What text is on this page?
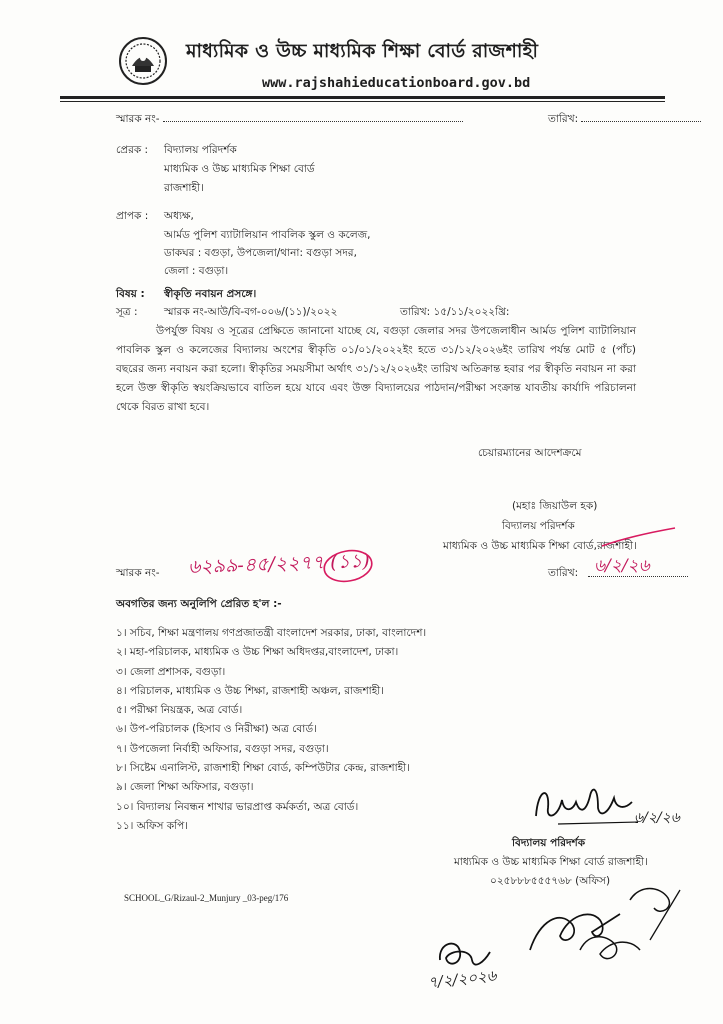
মাধ্যমিক ও উচ্চ মাধ্যমিক শিক্ষা বোর্ড রাজশাহী
www.rajshahieducationboard.gov.bd
স্মারক নং-	তারিখ:
প্রেরক : বিদ্যালয় পরিদর্শক
মাধ্যমিক ও উচ্চ মাধ্যমিক শিক্ষা বোর্ড
রাজশাহী।
প্রাপক : অধ্যক্ষ,
আর্মড পুলিশ ব্যাটালিয়ান পাবলিক স্কুল ও কলেজ,
ডাকঘর : বগুড়া, উপজেলা/থানা: বগুড়া সদর,
জেলা : বগুড়া।
বিষয় : স্বীকৃতি নবায়ন প্রসঙ্গে।
সূত্র :	স্মারক নং-আউ/বি-বগ-০০৬/(১১)/২০২২	তারিখ: ১৫/১১/২০২২খ্রি:
উপর্যুক্ত বিষয় ও সূত্রের প্রেক্ষিতে জানানো যাচ্ছে যে, বগুড়া জেলার সদর উপজেলাধীন আর্মড পুলিশ ব্যাটালিয়ান পাবলিক স্কুল ও কলেজের বিদ্যালয় অংশের স্বীকৃতি ০১/০১/২০২২ইং হতে ৩১/১২/২০২৬ইং তারিখ পর্যন্ত মোট ৫ (পাঁচ) বছরের জন্য নবায়ন করা হলো। স্বীকৃতির সময়সীমা অর্থাৎ ৩১/১২/২০২৬ইং তারিখ অতিক্রান্ত হবার পর স্বীকৃতি নবায়ন না করা হলে উক্ত স্বীকৃতি স্বয়ংক্রিয়ভাবে বাতিল হয়ে যাবে এবং উক্ত বিদ্যালয়ের পাঠদান/পরীক্ষা সংক্রান্ত যাবতীয় কার্যাদি পরিচালনা থেকে বিরত রাখা হবে।
চেয়ারম্যানের আদেশক্রমে
(মহাঃ জিয়াউল হক)
বিদ্যালয় পরিদর্শক
মাধ্যমিক ও উচ্চ মাধ্যমিক শিক্ষা বোর্ড,রাজশাহী।
স্মারক নং- ৬২৯৯-৪৫/২২৭৭ (১১)	তারিখ: ৬/২/২৬
অবগতির জন্য অনুলিপি প্রেরিত হ'ল :-
১। সচিব, শিক্ষা মন্ত্রণালয় গণপ্রজাতন্ত্রী বাংলাদেশ সরকার, ঢাকা, বাংলাদেশ।
২। মহা-পরিচালক, মাধ্যমিক ও উচ্চ শিক্ষা অধিদপ্তর,বাংলাদেশ, ঢাকা।
৩। জেলা প্রশাসক, বগুড়া।
৪। পরিচালক, মাধ্যমিক ও উচ্চ শিক্ষা, রাজশাহী অঞ্চল, রাজশাহী।
৫। পরীক্ষা নিয়ন্ত্রক, অত্র বোর্ড।
৬। উপ-পরিচালক (হিসাব ও নিরীক্ষা) অত্র বোর্ড।
৭। উপজেলা নির্বাহী অফিসার, বগুড়া সদর, বগুড়া।
৮। সিষ্টেম এনালিস্ট, রাজশাহী শিক্ষা বোর্ড, কম্পিউটার কেন্দ্র, রাজশাহী।
৯। জেলা শিক্ষা অফিসার, বগুড়া।
১০। বিদ্যালয় নিবন্ধন শাখার ভারপ্রাপ্ত কর্মকর্তা, অত্র বোর্ড।
১১। অফিস কপি।	৬/২/২৬
বিদ্যালয় পরিদর্শক
মাধ্যমিক ও উচ্চ মাধ্যমিক শিক্ষা বোর্ড রাজশাহী।
০২৫৮৮৮৫৫৫৭৬৮ (অফিস)
SCHOOL_G/Rizaul-2_Munjury _03-peg/176
৭/২/২০২৬
